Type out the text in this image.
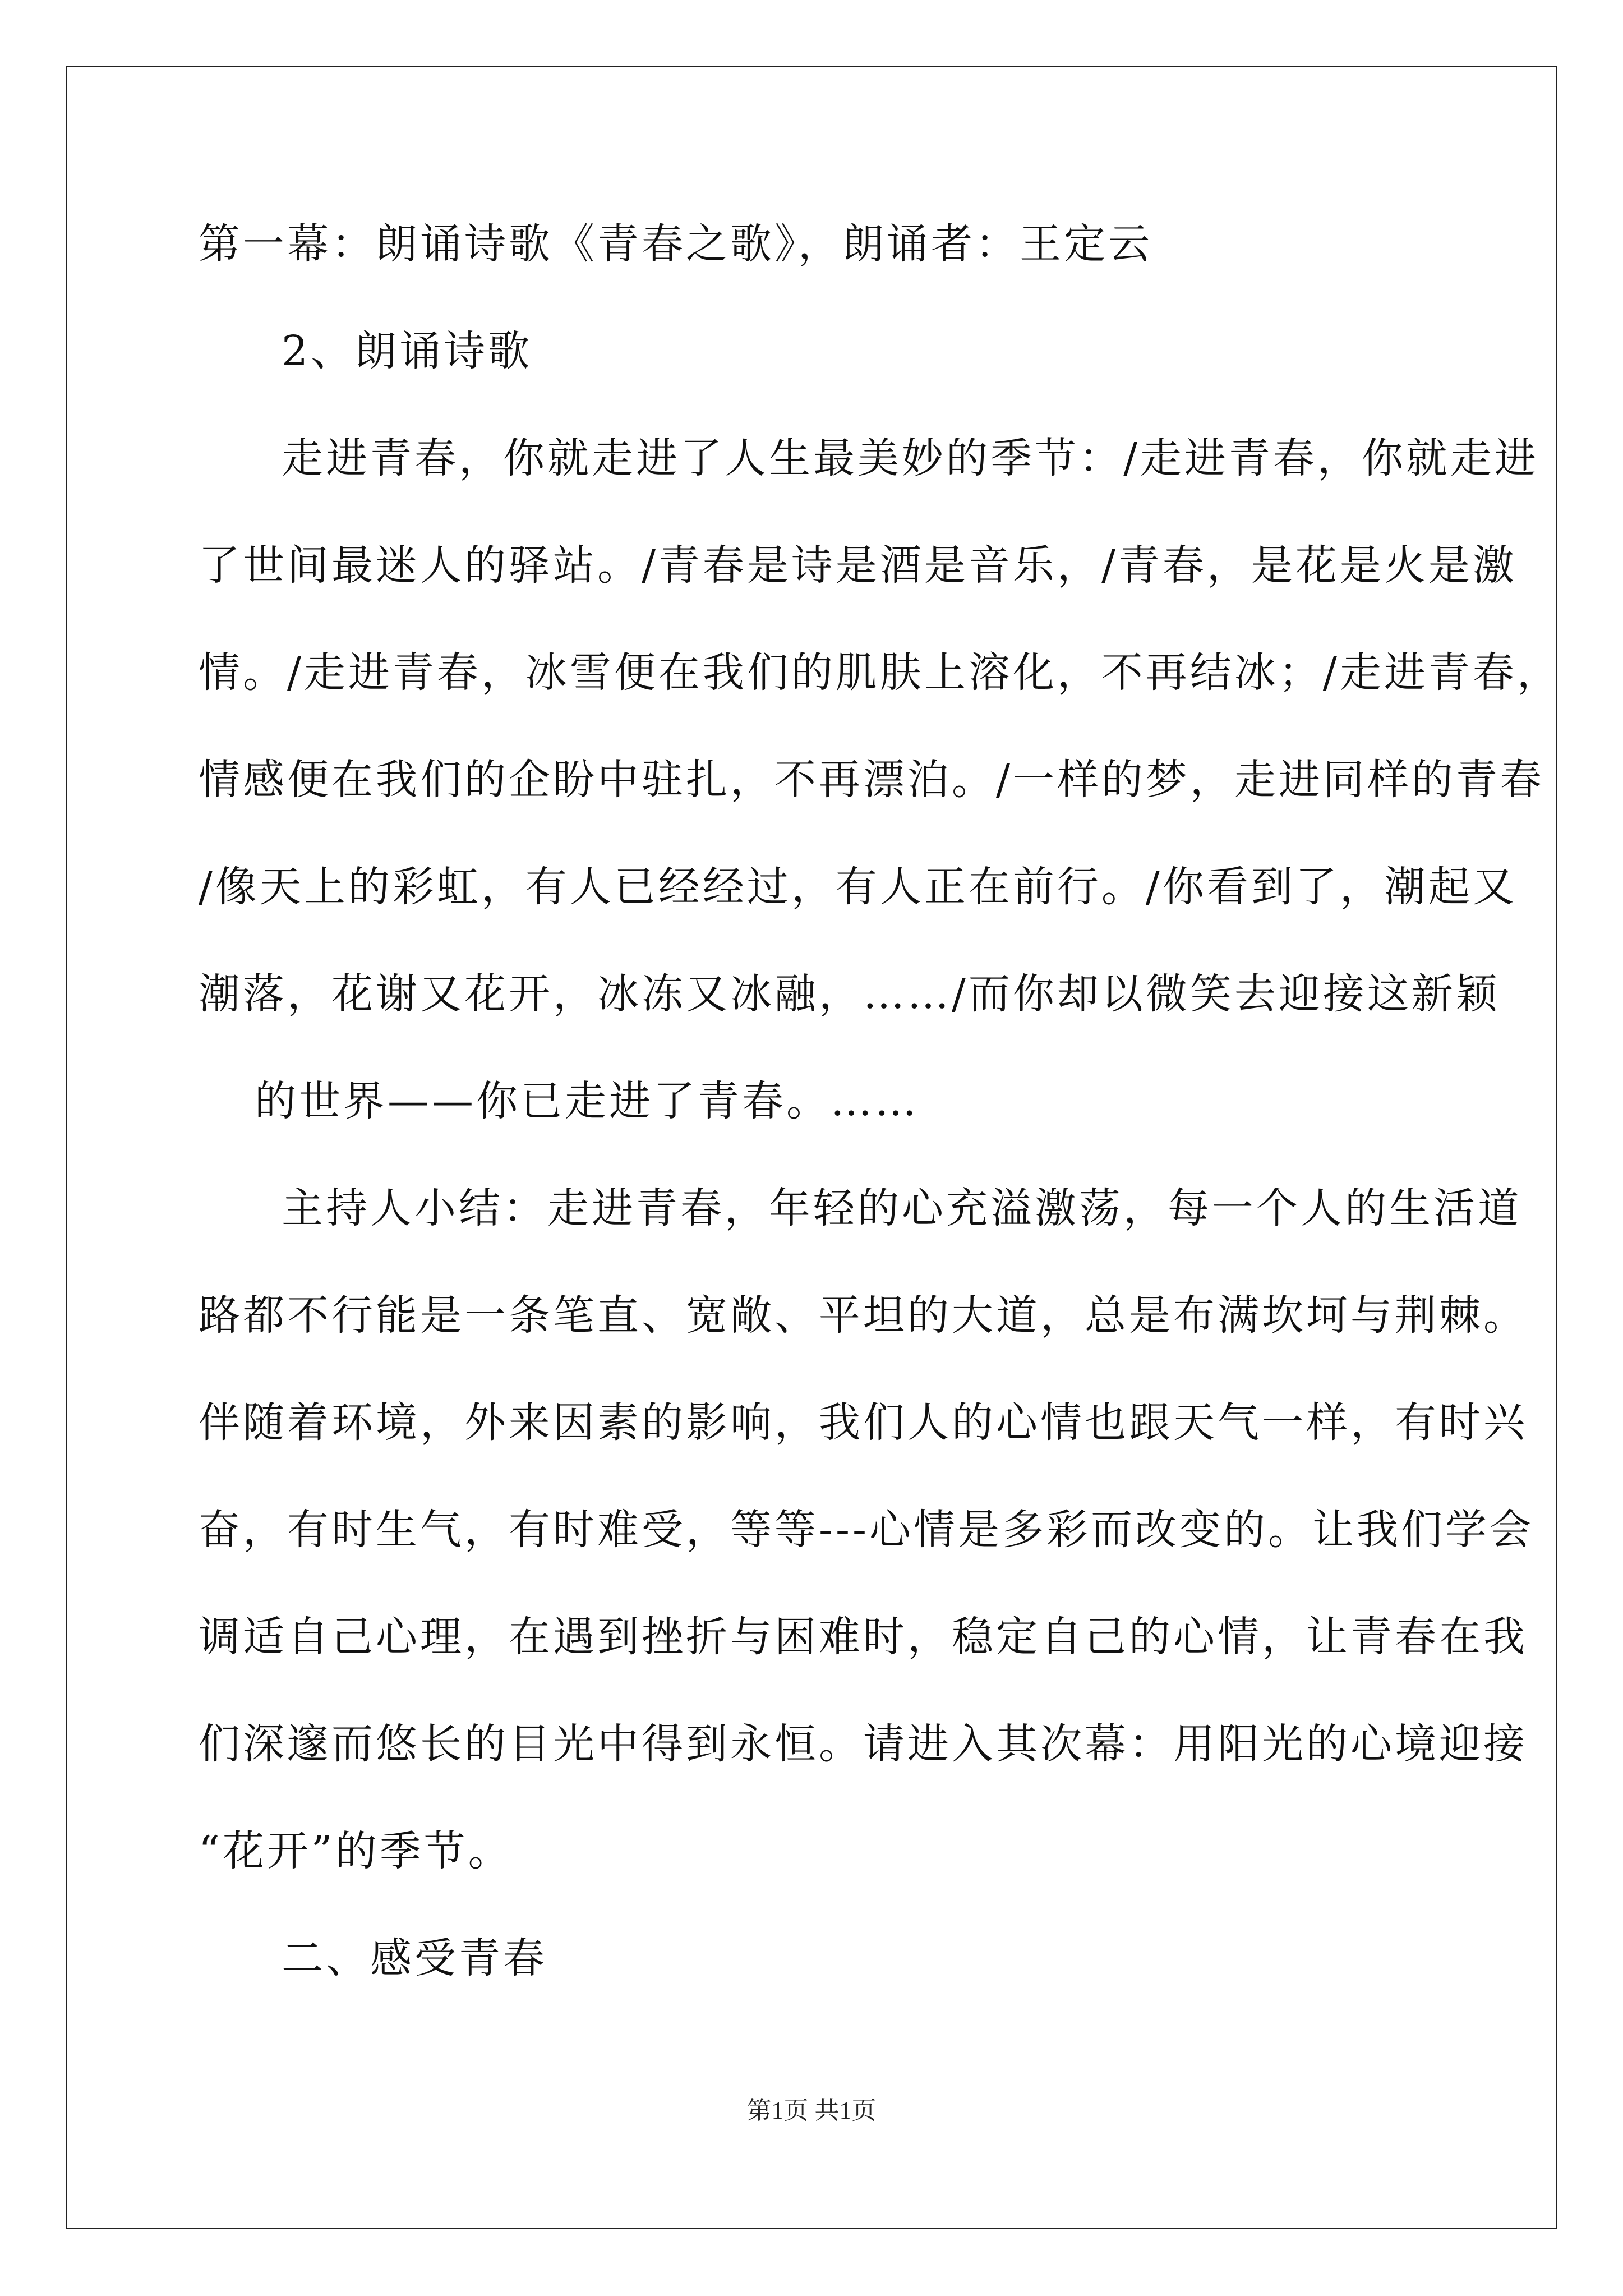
第一幕：朗诵诗歌《青春之歌》，朗诵者：王定云
2、朗诵诗歌
走进青春，你就走进了人生最美妙的季节：/走进青春，你就走进
了世间最迷人的驿站。/青春是诗是酒是音乐，/青春，是花是火是激
情。/走进青春，冰雪便在我们的肌肤上溶化，不再结冰；/走进青春，
情感便在我们的企盼中驻扎，不再漂泊。/一样的梦，走进同样的青春
/像天上的彩虹，有人已经经过，有人正在前行。/你看到了，潮起又
潮落，花谢又花开，冰冻又冰融，……/而你却以微笑去迎接这新颖
的世界——你已走进了青春。……
主持人小结：走进青春，年轻的心充溢激荡，每一个人的生活道
路都不行能是一条笔直、宽敞、平坦的大道，总是布满坎坷与荆棘。
伴随着环境，外来因素的影响，我们人的心情也跟天气一样，有时兴
奋，有时生气，有时难受，等等---心情是多彩而改变的。让我们学会
调适自己心理，在遇到挫折与困难时，稳定自己的心情，让青春在我
们深邃而悠长的目光中得到永恒。请进入其次幕：用阳光的心境迎接
“花开”的季节。
二、感受青春
第1页 共1页
